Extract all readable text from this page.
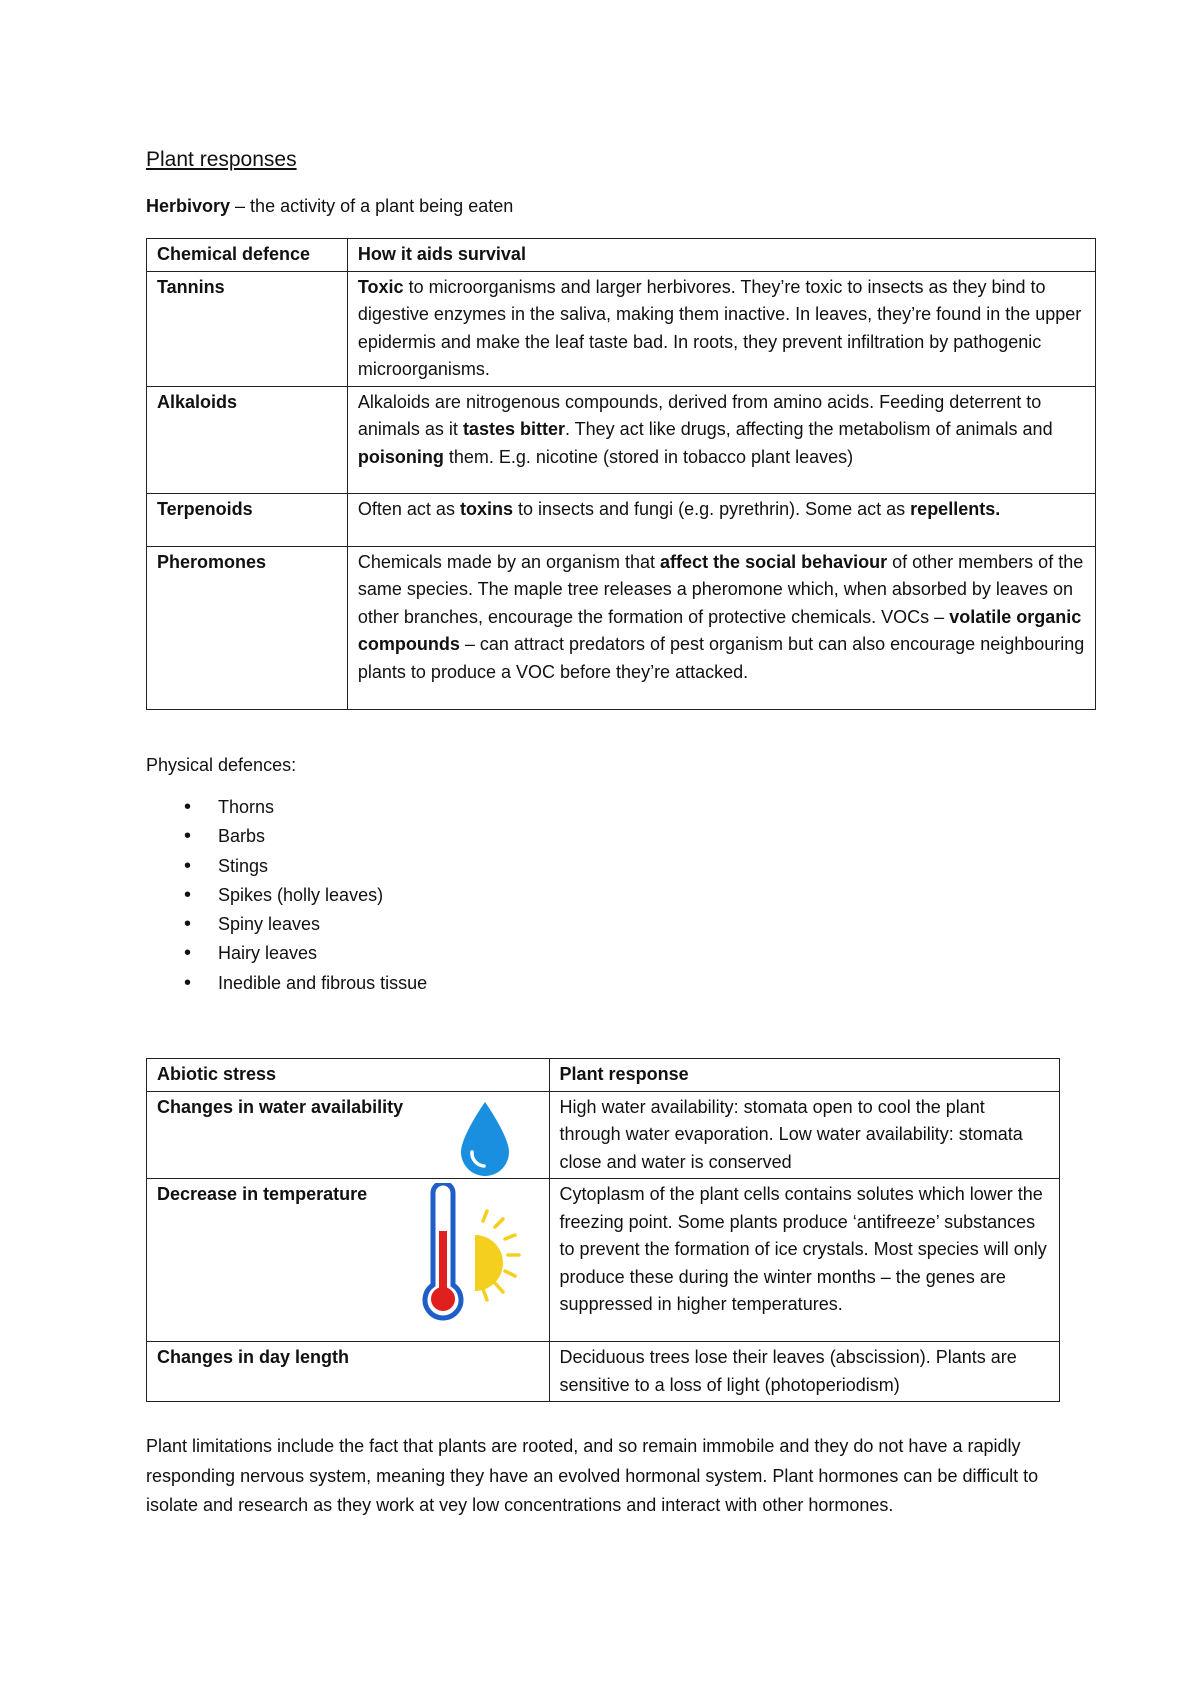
Plant responses
Herbivory – the activity of a plant being eaten
Chemical defence	How it aids survival
Tannins	Toxic to microorganisms and larger herbivores. They’re toxic to insects as they bind to digestive enzymes in the saliva, making them inactive. In leaves, they’re found in the upper epidermis and make the leaf taste bad. In roots, they prevent infiltration by pathogenic microorganisms.
Alkaloids	Alkaloids are nitrogenous compounds, derived from amino acids. Feeding deterrent to animals as it tastes bitter. They act like drugs, affecting the metabolism of animals and poisoning them. E.g. nicotine (stored in tobacco plant leaves)
Terpenoids	Often act as toxins to insects and fungi (e.g. pyrethrin). Some act as repellents.
Pheromones	Chemicals made by an organism that affect the social behaviour of other members of the same species. The maple tree releases a pheromone which, when absorbed by leaves on other branches, encourage the formation of protective chemicals. VOCs – volatile organic compounds – can attract predators of pest organism but can also encourage neighbouring plants to produce a VOC before they’re attacked.
Physical defences:
• Thorns
• Barbs
• Stings
• Spikes (holly leaves)
• Spiny leaves
• Hairy leaves
• Inedible and fibrous tissue
Abiotic stress	Plant response
Changes in water availability	High water availability: stomata open to cool the plant through water evaporation. Low water availability: stomata close and water is conserved
Decrease in temperature	Cytoplasm of the plant cells contains solutes which lower the freezing point. Some plants produce ‘antifreeze’ substances to prevent the formation of ice crystals. Most species will only produce these during the winter months – the genes are suppressed in higher temperatures.
Changes in day length	Deciduous trees lose their leaves (abscission). Plants are sensitive to a loss of light (photoperiodism)
Plant limitations include the fact that plants are rooted, and so remain immobile and they do not have a rapidly responding nervous system, meaning they have an evolved hormonal system. Plant hormones can be difficult to isolate and research as they work at vey low concentrations and interact with other hormones.
